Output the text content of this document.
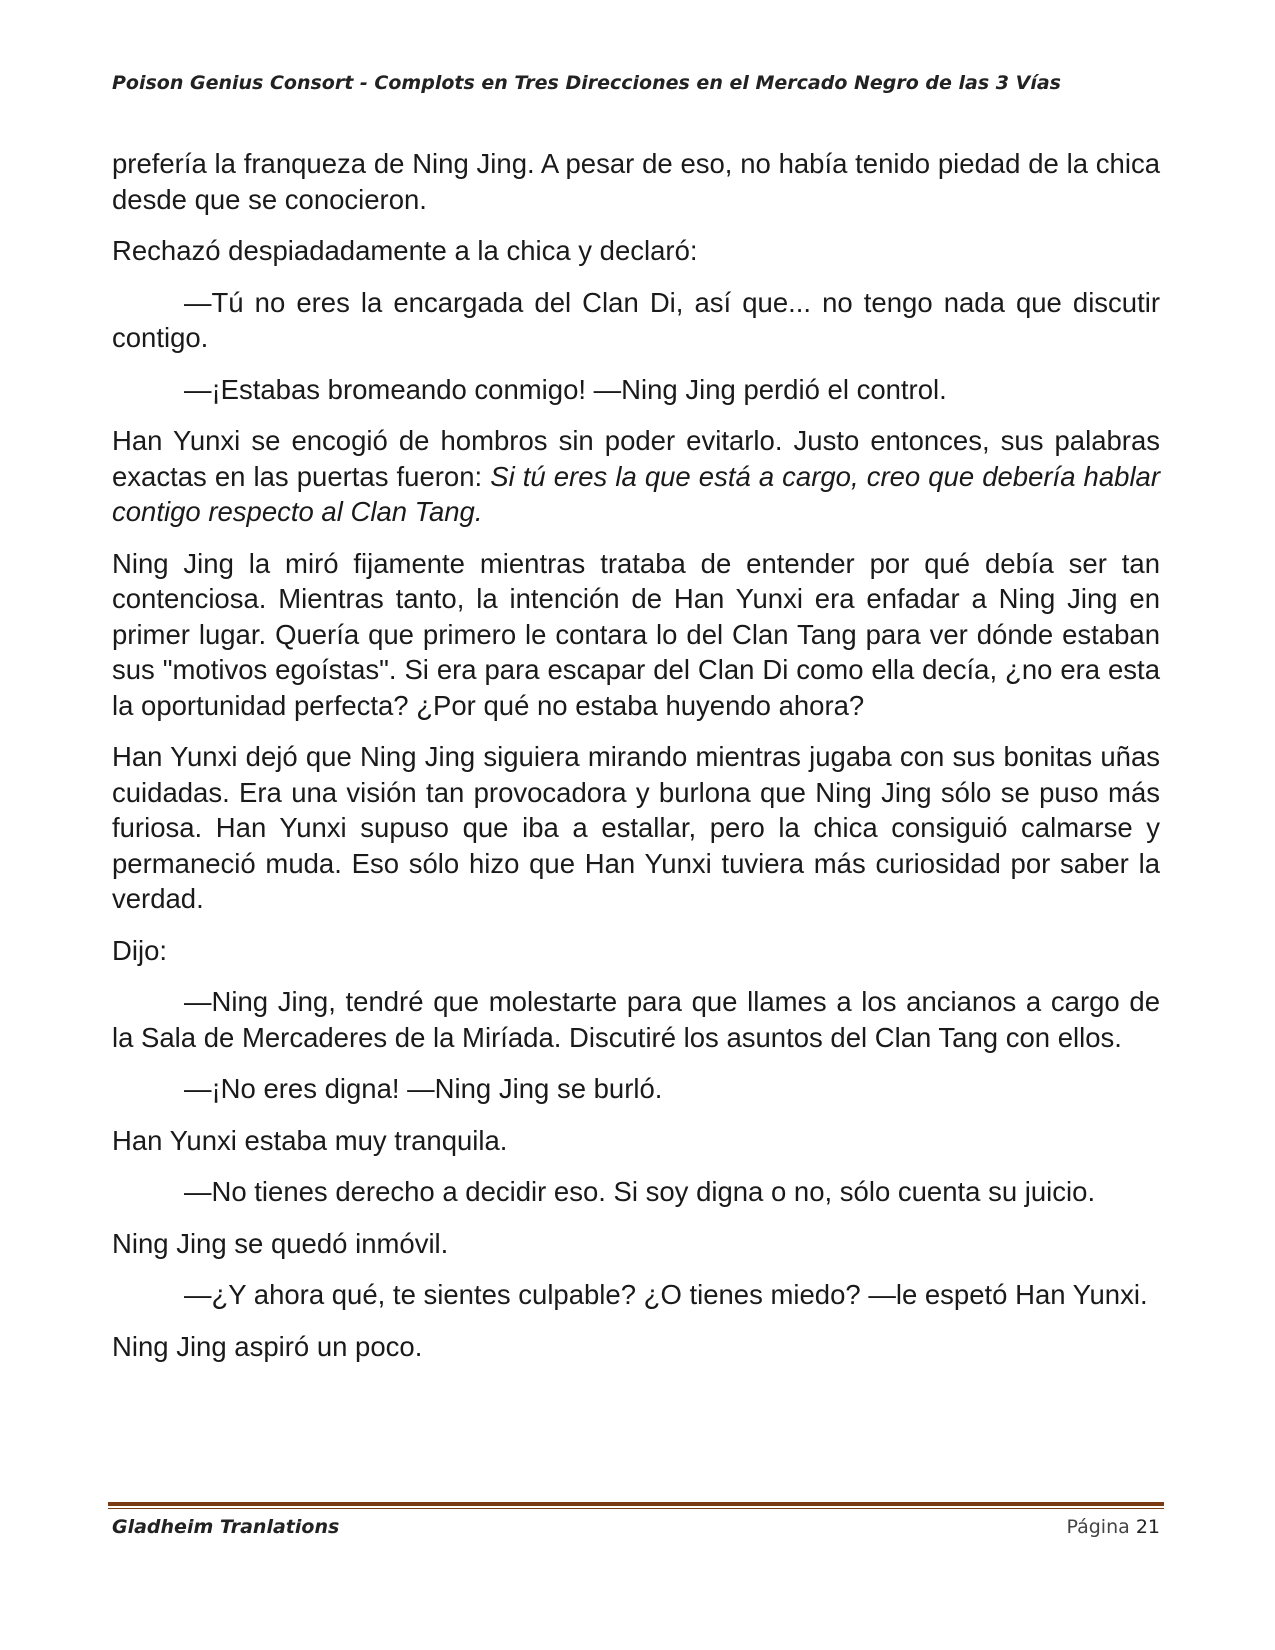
Poison Genius Consort - Complots en Tres Direcciones en el Mercado Negro de las 3 Vías

prefería la franqueza de Ning Jing. A pesar de eso, no había tenido piedad de la chica desde que se conocieron.

Rechazó despiadadamente a la chica y declaró:

—Tú no eres la encargada del Clan Di, así que... no tengo nada que discutir contigo.

—¡Estabas bromeando conmigo! —Ning Jing perdió el control.

Han Yunxi se encogió de hombros sin poder evitarlo. Justo entonces, sus palabras exactas en las puertas fueron: Si tú eres la que está a cargo, creo que debería hablar contigo respecto al Clan Tang.

Ning Jing la miró fijamente mientras trataba de entender por qué debía ser tan contenciosa. Mientras tanto, la intención de Han Yunxi era enfadar a Ning Jing en primer lugar. Quería que primero le contara lo del Clan Tang para ver dónde estaban sus "motivos egoístas". Si era para escapar del Clan Di como ella decía, ¿no era esta la oportunidad perfecta? ¿Por qué no estaba huyendo ahora?

Han Yunxi dejó que Ning Jing siguiera mirando mientras jugaba con sus bonitas uñas cuidadas. Era una visión tan provocadora y burlona que Ning Jing sólo se puso más furiosa. Han Yunxi supuso que iba a estallar, pero la chica consiguió calmarse y permaneció muda. Eso sólo hizo que Han Yunxi tuviera más curiosidad por saber la verdad.

Dijo:

—Ning Jing, tendré que molestarte para que llames a los ancianos a cargo de la Sala de Mercaderes de la Miríada. Discutiré los asuntos del Clan Tang con ellos.

—¡No eres digna! —Ning Jing se burló.

Han Yunxi estaba muy tranquila.

—No tienes derecho a decidir eso. Si soy digna o no, sólo cuenta su juicio.

Ning Jing se quedó inmóvil.

—¿Y ahora qué, te sientes culpable? ¿O tienes miedo? —le espetó Han Yunxi.

Ning Jing aspiró un poco.

Gladheim Tranlations	Página 21
